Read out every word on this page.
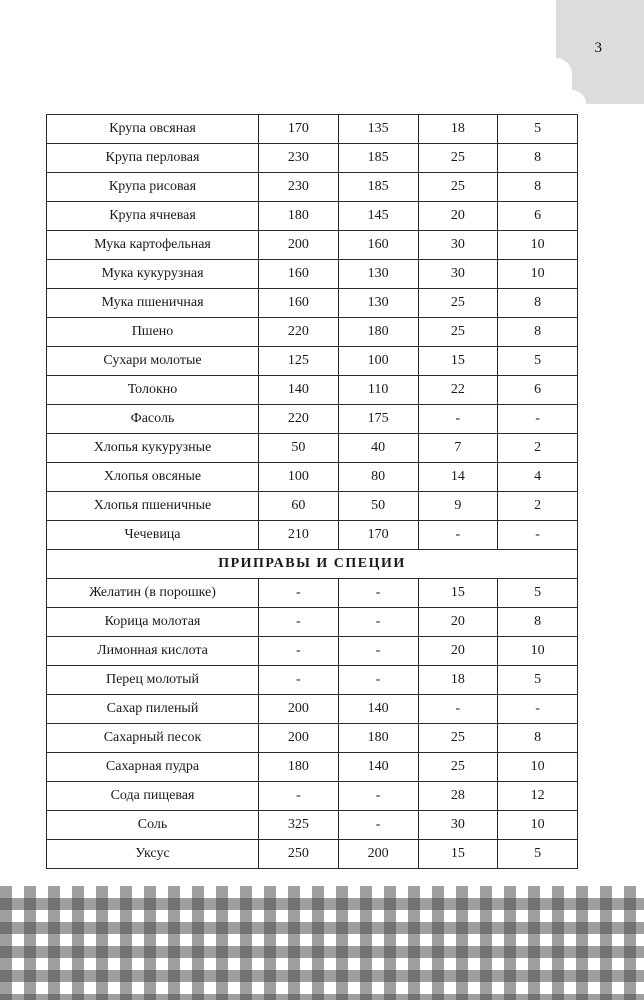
3
Крупа овсяная	170	135	18	5
Крупа перловая	230	185	25	8
Крупа рисовая	230	185	25	8
Крупа ячневая	180	145	20	6
Мука картофельная	200	160	30	10
Мука кукурузная	160	130	30	10
Мука пшеничная	160	130	25	8
Пшено	220	180	25	8
Сухари молотые	125	100	15	5
Толокно	140	110	22	6
Фасоль	220	175	-	-
Хлопья кукурузные	50	40	7	2
Хлопья овсяные	100	80	14	4
Хлопья пшеничные	60	50	9	2
Чечевица	210	170	-	-
ПРИПРАВЫ И СПЕЦИИ				
Желатин (в порошке)	-	-	15	5
Корица молотая	-	-	20	8
Лимонная кислота	-	-	20	10
Перец молотый	-	-	18	5
Сахар пиленый	200	140	-	-
Сахарный песок	200	180	25	8
Сахарная пудра	180	140	25	10
Сода пищевая	-	-	28	12
Соль	325	-	30	10
Уксус	250	200	15	5
